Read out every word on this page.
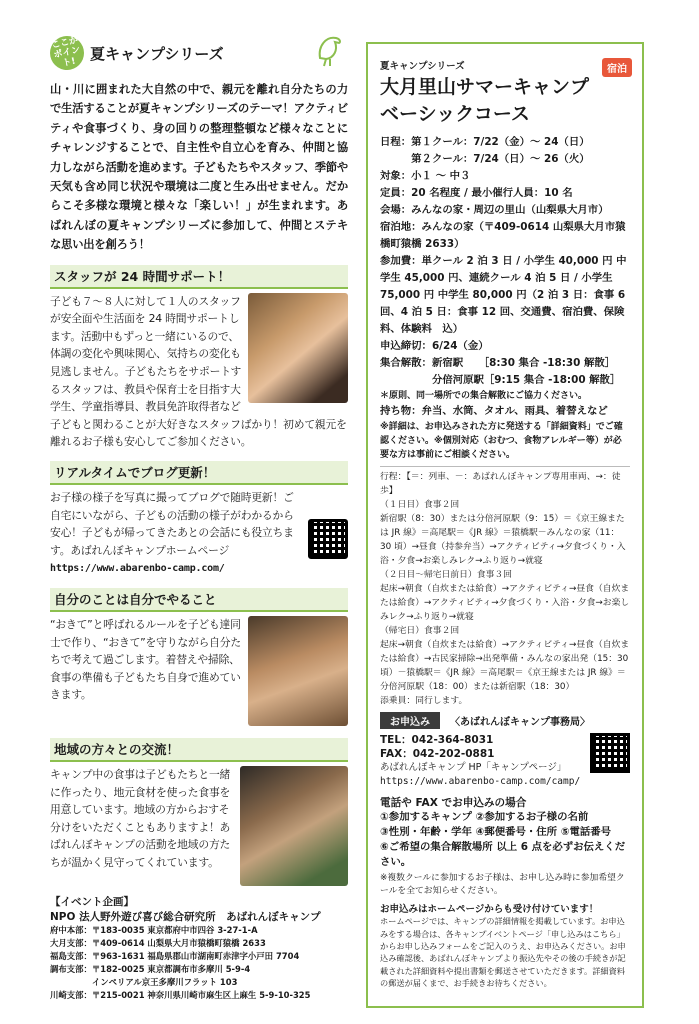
ここが
ポイント!
夏キャンプシリーズ
山・川に囲まれた大自然の中で、親元を離れ自分たちの力で生活することが夏キャンプシリーズのテーマ！アクティビティや食事づくり、身の回りの整理整頓など様々なことにチャレンジすることで、自主性や自立心を育み、仲間と協力しながら活動を進めます。子どもたちやスタッフ、季節や天気も含め同じ状況や環境は二度と生み出せません。だからこそ多様な環境と様々な「楽しい！」が生まれます。あばれんぼの夏キャンプシリーズに参加して、仲間とステキな思い出を創ろう！
スタッフが 24 時間サポート！
子ども７～８人に対して１人のスタッフが安全面や生活面を 24 時間サポートします。活動中もずっと一緒にいるので、体調の変化や興味関心、気持ちの変化も見逃しません。子どもたちをサポートするスタッフは、教員や保育士を目指す大学生、学童指導員、教員免許取得者など子どもと関わることが大好きなスタッフばかり！初めて親元を離れるお子様も安心してご参加ください。
リアルタイムでブログ更新！
お子様の様子を写真に撮ってブログで随時更新！ご自宅にいながら、子どもの活動の様子がわかるから安心！子どもが帰ってきたあとの会話にも役立ちます。あばれんぼキャンプホームページ
https://www.abarenbo-camp.com/
自分のことは自分でやること
“おきて”と呼ばれるルールを子ども達同士で作り、“おきて”を守りながら自分たちで考えて過ごします。着替えや掃除、食事の準備も子どもたち自身で進めていきます。
地域の方々との交流！
キャンプ中の食事は子どもたちと一緒に作ったり、地元食材を使った食事を用意しています。地域の方からおすそ分けをいただくこともありますよ！あばれんぼキャンプの活動を地域の方たちが温かく見守ってくれています。
【イベント企画】
NPO 法人野外遊び喜び総合研究所　あばれんぼキャンプ
府中本部：〒183-0035 東京都府中市四谷 3-27-1-A
大月支部：〒409-0614 山梨県大月市猿橋町猿橋 2633
福島支部：〒963-1631 福島県郡山市湖南町赤津字小戸田 7704
調布支部：〒182-0025 東京都調布市多摩川 5-9-4
　　　　　インペリアル京王多摩川フラット 103
川崎支部：〒215-0021 神奈川県川崎市麻生区上麻生 5-9-10-325
宿泊
夏キャンプシリーズ
大月里山サマーキャンプ
ベーシックコース
日程：第１クール：7/22（金）～ 24（日）
　　　第２クール：7/24（日）～ 26（火）
対象：小１ ～ 中３
定員：20 名程度 / 最小催行人員：10 名
会場：みんなの家・周辺の里山（山梨県大月市）
宿泊地：みんなの家（〒409-0614 山梨県大月市猿橋町猿橋 2633）
参加費：単クール 2 泊 3 日 / 小学生 40,000 円 中学生 45,000 円、連続クール 4 泊 5 日 / 小学生 75,000 円 中学生 80,000 円（2 泊 3 日：食事 6 回、4 泊 5 日：食事 12 回、交通費、宿泊費、保険料、体験料　込）
申込締切：6/24（金）
集合解散：新宿駅　　［8:30 集合 -18:30 解散］
　　　　　分倍河原駅［9:15 集合 -18:00 解散］
＊原則、同一場所での集合解散にご協力ください。
持ち物：弁当、水筒、タオル、雨具、着替えなど
※詳細は、お申込みされた方に発送する「詳細資料」でご確認ください。※個別対応（おむつ、食物アレルギー等）が必要な方は事前にご相談ください。
行程：【＝：列車、－：あばれんぼキャンプ専用車両、→：徒歩】
（１日目）食事２回
新宿駅（8：30）または分倍河原駅（9：15）＝《京王線または JR 線》＝高尾駅＝《JR 線》＝猿橋駅－みんなの家（11：30 頃）→昼食（持参弁当）→アクティビティ→夕食づくり・入浴・夕食→お楽しみレク→ふり返り→就寝
（２日目～帰宅日前日）食事３回
起床→朝食（自炊または給食）→アクティビティ→昼食（自炊または給食）→アクティビティ→夕食づくり・入浴・夕食→お楽しみレク→ふり返り→就寝
（帰宅日）食事２回
起床→朝食（自炊または給食）→アクティビティ→昼食（自炊または給食）→古民家掃除→出発準備・みんなの家出発（15：30 頃）－猿橋駅＝《JR 線》＝高尾駅＝《京王線または JR 線》＝分倍河原駅（18：00）または新宿駅（18：30）
添乗員：同行します。
お申込み	〈あばれんぼキャンプ事務局〉
TEL：042-364-8031
FAX：042-202-0881
あばれんぼキャンプ HP「キャンプページ」
https://www.abarenbo-camp.com/camp/
電話や FAX でお申込みの場合
①参加するキャンプ ②参加するお子様の名前
③性別・年齢・学年 ④郵便番号・住所 ⑤電話番号
⑥ご希望の集合解散場所 以上 6 点を必ずお伝えください。
※複数クールに参加するお子様は、お申し込み時に参加希望クールを全てお知らせください。
お申込みはホームページからも受け付けています！
ホームページでは、キャンプの詳細情報を掲載しています。お申込みをする場合は、各キャンプイベントページ「申し込みはこちら」からお申し込みフォームをご記入のうえ、お申込みください。お申込み確認後、あばれんぼキャンプより振込先やその後の手続きが記載された詳細資料や提出書類を郵送させていただきます。詳細資料の郵送が届くまで、お手続きお待ちください。
